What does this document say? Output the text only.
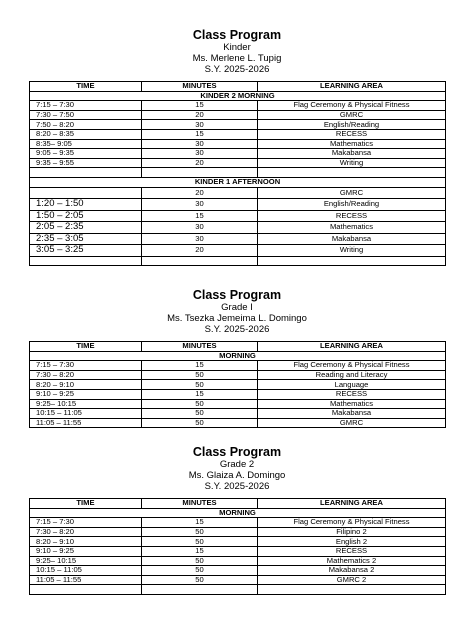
Class Program
Kinder
Ms. Merlene L. Tupig
S.Y. 2025-2026
TIME	MINUTES	LEARNING AREA
KINDER 2 MORNING		
7:15 – 7:30	15	Flag Ceremony & Physical Fitness
7:30 – 7:50	20	GMRC
7:50 – 8:20	30	English/Reading
8:20 – 8:35	15	RECESS
8:35– 9:05	30	Mathematics
9:05 – 9:35	30	Makabansa
9:35 – 9:55	20	Writing

KINDER 1 AFTERNOON		
	20	GMRC
1:20 – 1:50	30	English/Reading
1:50 – 2:05	15	RECESS
2:05 – 2:35	30	Mathematics
2:35 – 3:05	30	Makabansa
3:05 – 3:25	20	Writing

Class Program
Grade I
Ms. Tsezka Jemeima L. Domingo
S.Y. 2025-2026
TIME	MINUTES	LEARNING AREA
MORNING		
7:15 – 7:30	15	Flag Ceremony & Physical Fitness
7:30 – 8:20	50	Reading and Literacy
8:20 – 9:10	50	Language
9:10 – 9:25	15	RECESS
9:25– 10:15	50	Mathematics
10:15 – 11:05	50	Makabansa
11:05 – 11:55	50	GMRC
Class Program
Grade 2
Ms. Glaiza A. Domingo
S.Y. 2025-2026
TIME	MINUTES	LEARNING AREA
MORNING		
7:15 – 7:30	15	Flag Ceremony & Physical Fitness
7:30 – 8:20	50	Filipino 2
8:20 – 9:10	50	English 2
9:10 – 9:25	15	RECESS
9:25– 10:15	50	Mathematics 2
10:15 – 11:05	50	Makabansa 2
11:05 – 11:55	50	GMRC 2
